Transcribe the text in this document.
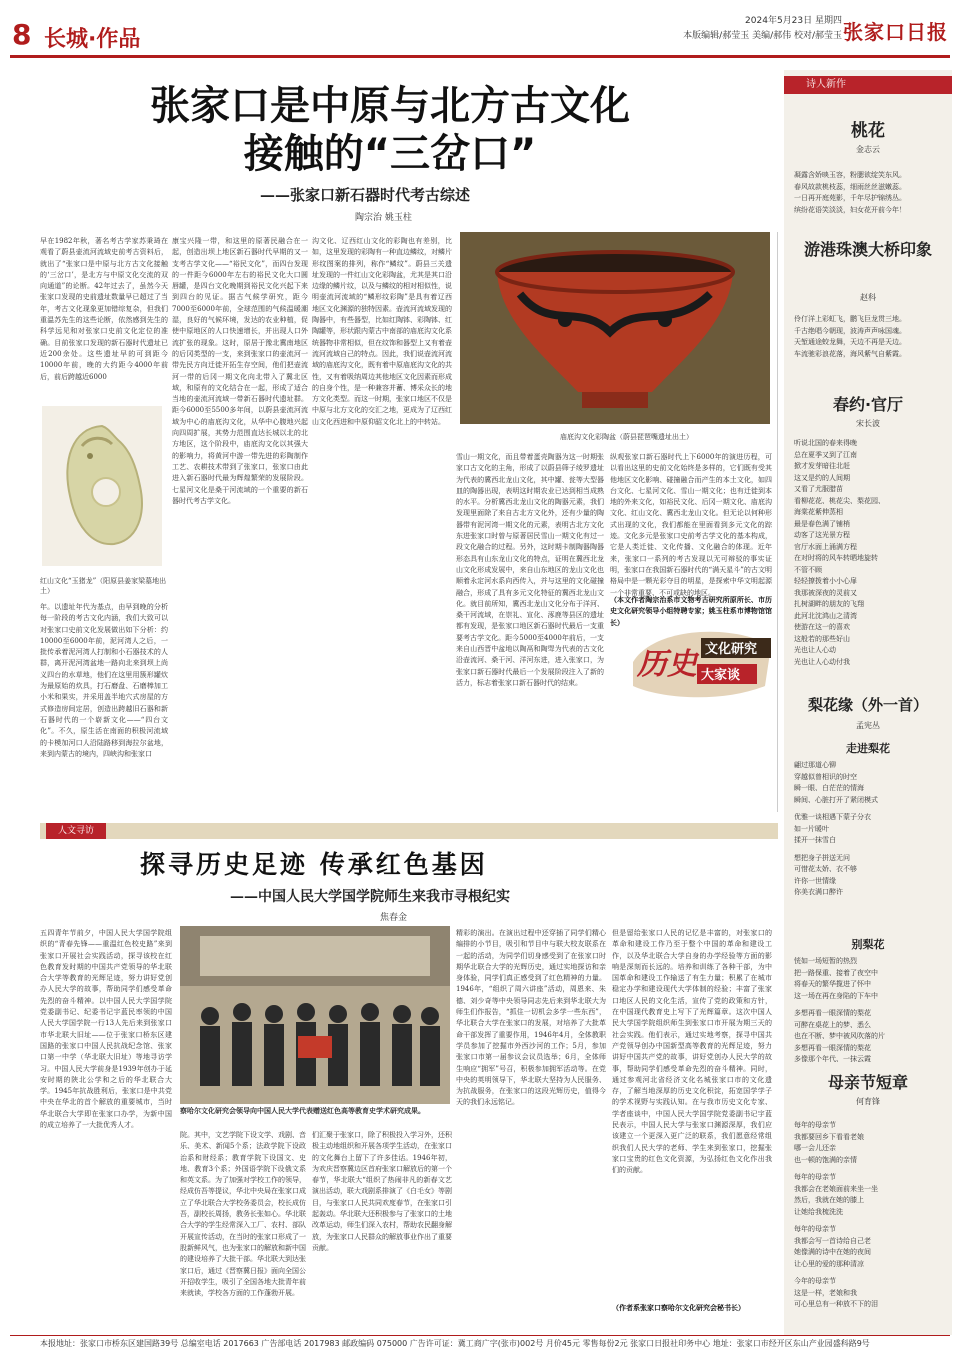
8 长城·作品
2024年5月23日 星期四
本版编辑/郝莹玉 美编/郝伟 校对/郝莹玉 张家口日报
张家口是中原与北方古文化
接触的“三岔口”
——张家口新石器时代考古综述
陶宗治 姚玉柱
早在1982年秋，著名考古学家苏秉琦在观看了蔚县壶流河流域史前考古资料后，就出了“张家口是中原与北方古文化接触的‘三岔口’，是北方与中原文化交流的双向通道”的论断。42年过去了，虽然今天张家口发现的史前遗址数量早已超过了当年，考古文化现象更加错综复杂，但我们重温苏先生的这些论断，依然感到先生的科学远见和对张家口史前文化定位的准确。目前张家口发现的新石器时代遗址已近200余处。这些遗址早的可到距今10000年前，晚的大约距今4000年前后，前后跨越近6000
红山文化“玉猪龙”（阳原县姜家梁墓地出土）
年。以遗址年代为基点，由早到晚的分析每一阶段的考古文化内涵，我们大致可以对张家口史前文化发展做出如下分析：约10000至6000年前，泥河湾人之后，一批传承着泥河湾人打制和小石器技术的人群，离开泥河湾盆地一路向北来到坝上尚义四台的水草地，他们在这里用簇形罐炊为最原始的炊具，打石磨盘、石磨棒加工小米和果实，并采用盖半地穴式房屋的方式修造房间定居，创造出跨越旧石器和新石器时代的一个崭新文化——“四台文化”。不久，原生活在南面的积极河流域的卡模加河口人沿陆路移到海拉尔盆地，来到内蒙古的境内，四峡沟和张家口
康宝兴隆一带，和这里的原著民融合在一起，创造出坝上地区新石器时代早期的又一支考古学文化——“裕民文化”，而四台发现的一件距今6000年左右的裕民文化大口圆唇罐，是四台文化晚期到裕民文化兴起下来到四台的见证。据古气候学研究，距今7000至6000年前，全球范围的气候温暖潮湿，良好的气候环境，发达的农业种植，促使中原地区的人口快速增长，并出现人口外流扩张的现象。这时，原居于豫北冀南地区的后冈类型的一支，来到张家口的壶流河一带先民方向迁徙开拓生存空间，他们把壶流河一带的后冈一期文化向北带入了冀北区域，和原有的文化结合在一起，形成了适合当地的壶流河流域一带新石器时代遗址群。距今6000至5500多年间，以蔚县壶流河流域为中心的庙底沟文化，从华中心腹地兴起向四周扩展，其势力范围直达长城以北的北方地区，这个阶段中，庙底沟文化以其强大的影响力，将黄河中游一带先进的彩陶制作工艺、农耕技术带到了张家口，张家口由此进入新石器时代最为辉煌繁荣的发展阶段。七星河文化是桑干河流域的一个重要的新石器时代考古学文化。
沟文化、辽西红山文化的彩陶也有差别，比如，这里发现的彩陶有一种直边鳞纹，对鳞片形纹图案的排列，称作“鳞纹”。蔚县三关遗址发现的一件红山文化彩陶盆，尤其是其口沿边缘的鳞片纹，以及与鳞纹的相对相似性，说明壶流河流域的“鳞形纹彩陶”是具有着辽西地区文化渊源的独特因素。壶流河流域发现的陶器中，有些器型，比如红陶钵、彩陶钵、红陶罐等，形状跟内蒙古中南部的庙底沟文化系统器物非常相似，但在纹饰和器型上又有着壶流河流域自己的特点。因此，我们说壶流河流域的庙底沟文化，既有着中原庙底沟文化的共性，又有着吸纳周边其他地区文化因素而形成的自身个性，是一种兼容并蓄、博采众长的地方文化类型。而这一时期，张家口地区不仅是中原与北方文化的交汇之地，更成为了辽西红山文化西进和中原仰韶文化北上的中转站。
庙底沟文化彩陶盆（蔚县琵琶嘴遗址出土）
雪山一期文化，而且带着蛋壳陶器为这一时期张家口古文化的主角，形成了以蔚县筛子绫罗遗址为代表的冀西北龙山文化，其中罐、瓮等大型器皿的陶器出现，表明这时期农业已达到相当成熟的水平。分析冀西北龙山文化的陶器元素，我们发现里面除了来自古北方文化外，还有少量的陶器带有泥河湾一期文化的元素，表明古北方文化东进张家口时曾与原著居民雪山一期文化有过一段文化融合的过程。另外，这时期卡制陶器陶器形态具有山东龙山文化的特点，证明在冀西北龙山文化形成发展中，来自山东地区的龙山文化也顺着永定河水系向西传入，并与这里的文化碰撞融合，形成了具有多元文化特征的冀西北龙山文化。就目前所知，冀西北龙山文化分布于洋河、桑干河流域，在崇礼、宣化、涿鹿等县区的遗址都有发现，是张家口地区新石器时代最后一支重要考古学文化。距今5000至4000年前后，一支来自山西晋中盆地以陶鬲和陶斝为代表的古文化沿壶流河、桑干河、洋河东进，进入张家口，为张家口新石器时代最后一个发展阶段注入了新的活力，标志着张家口新石器时代的结束。
纵观张家口新石器时代上下6000年的演进历程，可以看出这里的史前文化始终是多样的，它们既有受其他地区文化影响、碰撞融合而产生的本土文化，如四台文化、七星河文化、雪山一期文化；也有迁徙到本地的外来文化，如裕民文化、后冈一期文化、庙底沟文化、红山文化、冀西北龙山文化。但无论以何种形式出现的文化，我们都能在里面看到多元文化的踪迹。文化多元是张家口史前考古学文化的基本构成，它是人类迁徙、文化传播、文化融合的体现。近年来，张家口一系列的考古发现以无可辩驳的事实证明，张家口在我国新石器时代的“满天星斗”的古文明格局中是一颗光彩夺目的明星，是探索中华文明起源一个非常重要、不可或缺的地区。
（本文作者陶宗治系市文物考古研究所原所长、市历史文化研究领导小组特聘专家；姚玉柱系市博物馆馆长）
历史 文化研究
大家谈
人文寻访
探寻历史足迹 传承红色基因
——中国人民大学国学院师生来我市寻根纪实
焦春金
五四青年节前夕，中国人民大学国学院组织的“青春先锋——重温红色校史路”来到张家口开展社会实践活动，探寻该校在红色教育发时期的中国共产党领导的华北联合大学等教育的光辉足迹，努力讲好党创办人民大学的故事，帮助同学们感受革命先烈的奋斗精神。以中国人民大学国学院党委副书记、纪委书记宇蓝民率领的中国人民大学国学院一行13人先后来到张家口市华北联大旧址——位于张家口桥东区建国路的张家口中国人民抗战纪念馆、张家口第一中学（华北联大旧址）等地寻访学习。中国人民大学前身是1939年创办于延安时期的陕北公学和之后的华北联合大学。1945年抗战胜利后，张家口是中共党中央在华北的首个解放的重要城市，当时华北联合大学即在张家口办学，为新中国的成立培养了一大批优秀人才。
察哈尔文化研究会领导向中国人民大学代表赠送红色高等教育史学术研究成果。
院。其中，文艺学院下设文学、戏剧、音乐、美术、新闻5个系；法政学院下设政治系和财经系；教育学院下设国文、史地、教育3个系；外国语学院下设俄文系和英文系。为了加强对学校工作的领导，经成仿吾等提议，华北中央局在张家口成立了华北联合大学校务委员会，校长成仿吾，副校长周扬，教务长张如心。华北联合大学的学生经常深入工厂、农村、部队开展宣传活动，在当时的张家口形成了一股新鲜风气，也为张家口的解放和新中国的建设培养了大批干部。华北联大到达张家口后，通过《晋察冀日报》面向全国公开招收学生，吸引了全国各地大批青年前来就读，学校各方面的工作蓬勃开展。
们汇聚于张家口，除了积极投入学习外，还积极主动地组织和开展各项学生活动，在张家口的文化舞台上留下了许多佳话。1946年初，为欢庆晋察冀边区首府张家口解放后的第一个春节，华北联大“组织了热闹非凡的新春文艺演出活动，联大戏剧系排演了《白毛女》等剧目，与张家口人民共同欢度春节，在张家口引起轰动。华北联大还积极参与了张家口的土地改革运动，师生们深入农村，帮助农民翻身解放，为张家口人民群众的解放事业作出了重要贡献。
精彩的演出。在演出过程中还穿插了同学们精心编排的小节目，吸引和节目中与联大校友联系在一起的活动，为同学们切身感受到了在张家口时期华北联合大学的光辉历史，通过实地探访和亲身体验，同学们真正感受到了红色精神的力量。1946年，“组织了周六讲座”活动，周恩来、朱德、刘少奇等中央领导同志先后来到华北联大为师生们作报告，“抓住一切机会多学一些东西”，华北联合大学在张家口的发展，对培养了大批革命干部发挥了重要作用，1946年4月，全体教职学员参加了挖掘市外西沙河的工作；5月，参加张家口市第一届参议会议员选举；6月，全体师生响应“拥军”号召，积极参加拥军活动等。在党中央的英明领导下，华北联大坚持为人民服务、为抗战服务，在张家口的这段光辉历史，值得今天的我们永远铭记。
但是留给张家口人民的记忆是丰富的，对张家口的革命和建设工作乃至于整个中国的革命和建设工作，以及华北联合大学自身的办学经验等方面的影响是深刻而长远的。培养和训练了各种干部，为中国革命和建设工作输送了有生力量；积累了在城市稳定办学和建设现代大学体制的经验；丰富了张家口地区人民的文化生活，宣传了党的政策和方针，在中国现代教育史上写下了光辉篇章。这次中国人民大学国学院组织师生到张家口市开展为期三天的社会实践。他们表示，通过实地考察，探寻中国共产党领导创办中国新型高等教育的光辉足迹，努力讲好中国共产党的故事，讲好党创办人民大学的故事，帮助同学们感受革命先烈的奋斗精神。同时，通过参观河北省经济文化名城张家口市的文化遗存，了解当地深厚的历史文化积淀，拓宽国学学子的学术视野与实践认知。在与我市历史文化专家、学者座谈中，中国人民大学国学院党委副书记宇蓝民表示，中国人民大学与张家口渊源深厚，我们应该建立一个更深入更广泛的联系，我们愿意经常组织我们人民大学的老师、学生来到张家口，挖掘张家口宝贵的红色文化资源，为弘扬红色文化作出我们的贡献。
（作者系张家口察哈尔文化研究会秘书长）
诗人新作
桃花
金志云
凝露含娇映玉容，粉腮欲绽笑东风。
春风故款桃枝蕊，细雨丝丝滋嫩蕊。
一日再开庭苑影，千年尽护锦绣丛。
缤纷花语笑淡淡，妇女花开前今年！
游港珠澳大桥印象
赵科
伶仃洋上彩虹飞，鹏飞巨龙贯三地。
千古绝唱今朝现，波涛声声咏国魂。
天堑通途蛟龙舞，天边不再是天边。
车流驰彩浪花落，海风紫气自紫霞。
春约·官厅
宋长波
听说北国的春来得晚
总在夏季又到了江南
掀才发芽暗往北赶
这又是约的人间期
又看了尤服腊苗
看柳花花、桃花尖、梨花园、
海棠花紫伸蒸相
最是春色满了铺梢
动客了这光景方程
官厅水面上涌满方程
在对时将的风车转晒地旋转
不管不顾
轻轻撩拨着小小心扉
我那被深夜的灵前又
扎树湖畔的朋友的飞翔
此河北沈鸿山之清湾
使游在这一的喜欢
这般若的那些好山
光也让人心动
光也让人心动付我
梨花缘（外一首）
孟宪丛
走进梨花
翩过那道心铆
穿越似曾相识的时空
瞬一眼、白茫茫的情海
瞬间、心脏打开了紧闭模式
优雅一谈相遇下蒙子分衣
如一片暖叶
揉开一抹雪白
想把身子拼送无问
可惜花太娇、衣不够
许你一世情缘
你美衣满口醉许
别梨花
恍如一场短暂的热烈
把一路保重、接着了夜空中
将春天的繁华揽进了怀中
这一场在再在身陷的下车中
多想再看一眼深情的梨花
可醉在桌花上的梦、悉么
也在不断、梦中被风吹落的片
多想再看一眼深情的梨花
多像那个年代、一抹云霞
母亲节短章
何育锋
每年的母亲节
我都要回乡下看看老娘
哪一会儿还亲
也一顿的饱满的亲情
每年的母亲节
我都会在老娘面前来坐一坐
然后，我就在她的膝上
让她给我梳洗洗
每年的母亲节
我都会写一首诗给自己老
她像满的诗中在她的夜间
让心里的爱的那种清凉
今年的母亲节
这是一样，老娘和我
可心里总有一种放不下的泪
本报地址：张家口市桥东区建国路39号 总编室电话 2017663 广告部电话 2017983 邮政编码 075000 广告许可证：冀工商广字(张市)002号 月价45元 零售每份2元 张家口日报社印务中心 地址：张家口市经开区东山产业园盛科路9号
